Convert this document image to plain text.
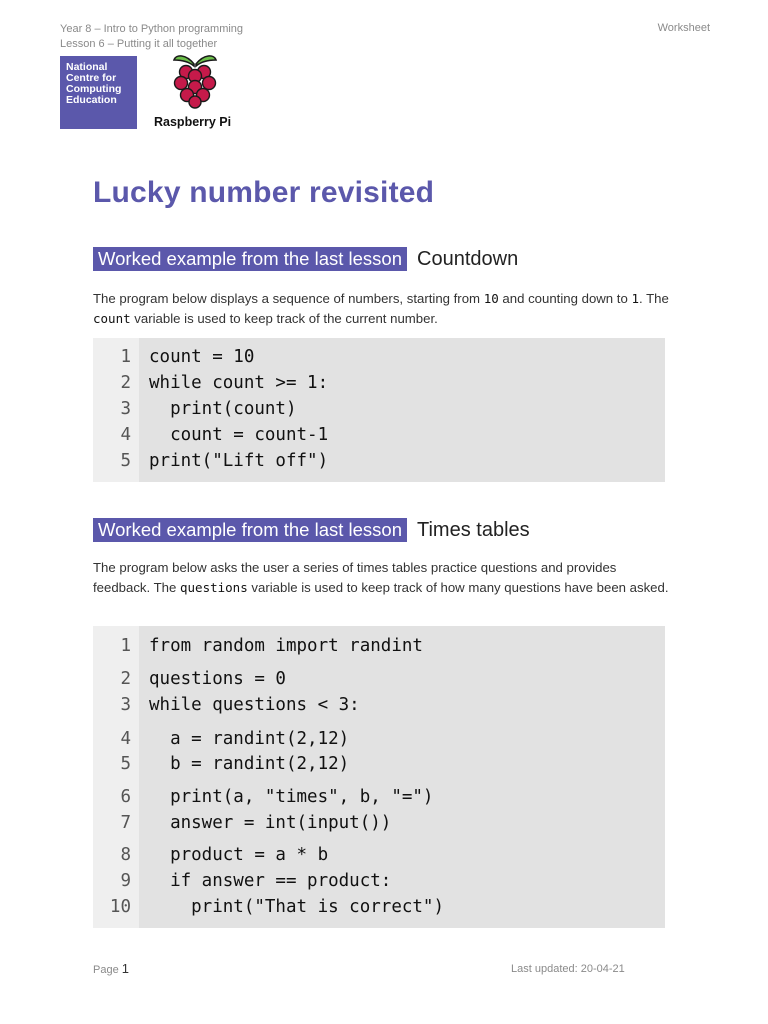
Year 8 – Intro to Python programming
Lesson 6 – Putting it all together
Worksheet
National
Centre for
Computing
Education
Raspberry Pi
Lucky number revisited
Worked example from the last lesson Countdown

The program below displays a sequence of numbers, starting from 10 and counting down to 1. The count variable is used to keep track of the current number.

1 count = 10
2 while count >= 1:
3 print(count)
4 count = count-1
5 print("Lift off")
Worked example from the last lesson Times tables

The program below asks the user a series of times tables practice questions and provides feedback. The questions variable is used to keep track of how many questions have been asked.

1 from random import randint
2 questions = 0
3 while questions < 3:
4 a = randint(2,12)
5 b = randint(2,12)
6 print(a, "times", b, "=")
7 answer = int(input())
8 product = a * b
9 if answer == product:
10 print("That is correct")
Page 1	Last updated: 20-04-21
